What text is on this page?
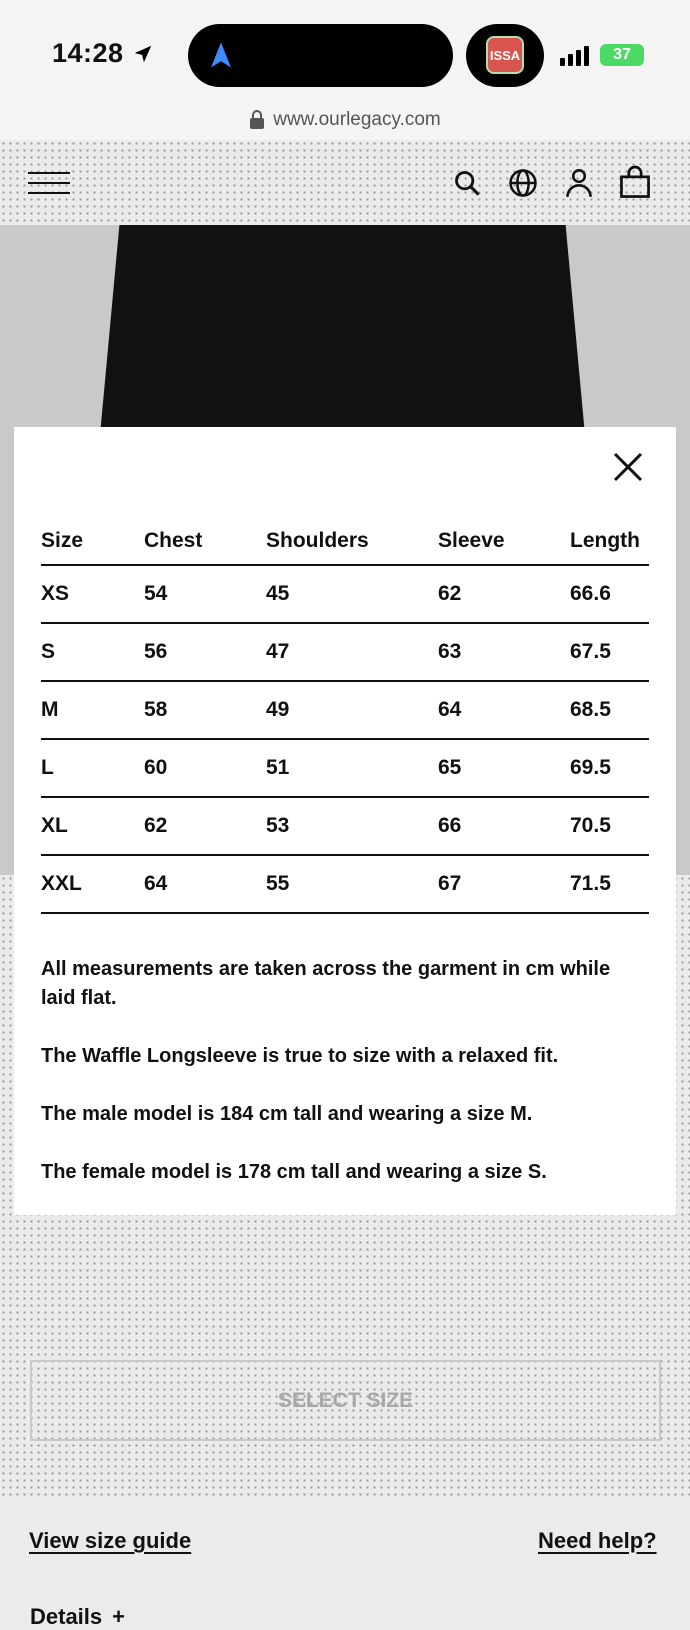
14:28	ISSA	37
www.ourlegacy.com
SELECT SIZE
View size guide	Need help?
Details +
Size	Chest	Shoulders	Sleeve	Length
XS	54	45	62	66.6
S	56	47	63	67.5
M	58	49	64	68.5
L	60	51	65	69.5
XL	62	53	66	70.5
XXL	64	55	67	71.5

All measurements are taken across the garment in cm while laid flat.

The Waffle Longsleeve is true to size with a relaxed fit.

The male model is 184 cm tall and wearing a size M.

The female model is 178 cm tall and wearing a size S.
